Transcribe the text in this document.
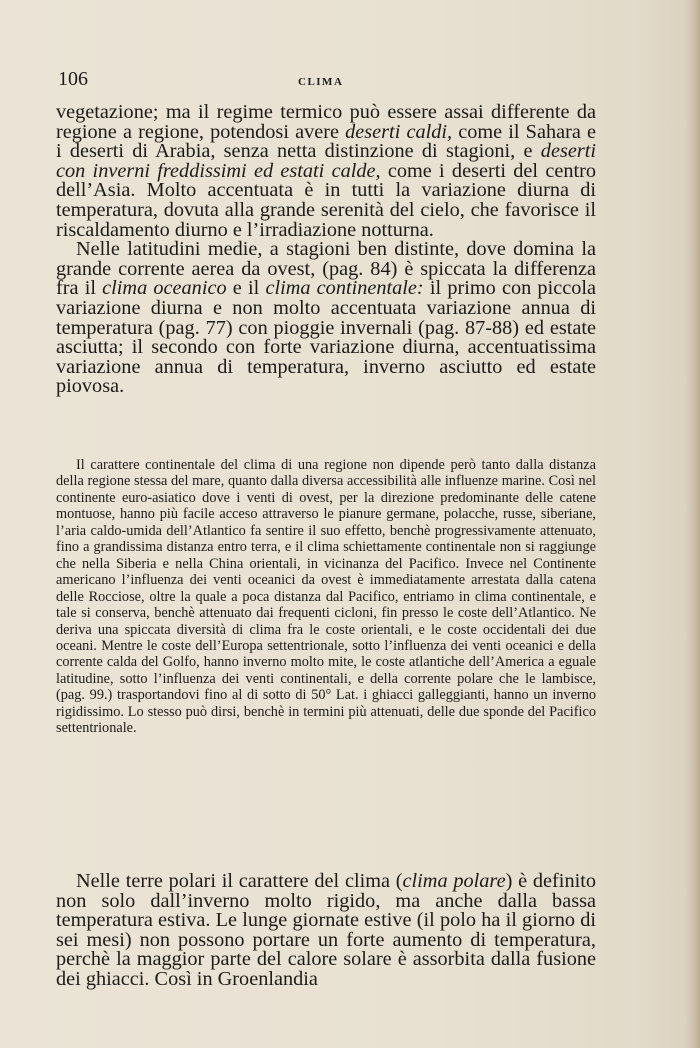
106	CLIMA

vegetazione; ma il regime termico può essere assai differente da regione a regione, potendosi avere deserti caldi, come il Sahara e i deserti di Arabia, senza netta distinzione di stagioni, e deserti con inverni freddissimi ed estati calde, come i deserti del centro dell’Asia. Molto accentuata è in tutti la variazione diurna di temperatura, dovuta alla grande serenità del cielo, che favorisce il riscaldamento diurno e l’irradiazione notturna.

Nelle latitudini medie, a stagioni ben distinte, dove domina la grande corrente aerea da ovest, (pag. 84) è spiccata la differenza fra il clima oceanico e il clima continentale: il primo con piccola variazione diurna e non molto accentuata variazione annua di temperatura (pag. 77) con pioggie invernali (pag. 87-88) ed estate asciutta; il secondo con forte variazione diurna, accentuatissima variazione annua di temperatura, inverno asciutto ed estate piovosa.

Il carattere continentale del clima di una regione non dipende però tanto dalla distanza della regione stessa del mare, quanto dalla diversa accessibilità alle influenze marine. Così nel continente euro-asiatico dove i venti di ovest, per la direzione predominante delle catene montuose, hanno più facile acceso attraverso le pianure germane, polacche, russe, siberiane, l’aria caldo-umida dell’Atlantico fa sentire il suo effetto, benchè progressivamente attenuato, fino a grandissima distanza entro terra, e il clima schiettamente continentale non si raggiunge che nella Siberia e nella China orientali, in vicinanza del Pacifico. Invece nel Continente americano l’influenza dei venti oceanici da ovest è immediatamente arrestata dalla catena delle Rocciose, oltre la quale a poca distanza dal Pacifico, entriamo in clima continentale, e tale si conserva, benchè attenuato dai frequenti cicloni, fin presso le coste dell’Atlantico. Ne deriva una spiccata diversità di clima fra le coste orientali, e le coste occidentali dei due oceani. Mentre le coste dell’Europa settentrionale, sotto l’influenza dei venti oceanici e della corrente calda del Golfo, hanno inverno molto mite, le coste atlantiche dell’America a eguale latitudine, sotto l’influenza dei venti continentali, e della corrente polare che le lambisce, (pag. 99.) trasportandovi fino al di sotto di 50° Lat. i ghiacci galleggianti, hanno un inverno rigidissimo. Lo stesso può dirsi, benchè in termini più attenuati, delle due sponde del Pacifico settentrionale.

Nelle terre polari il carattere del clima (clima polare) è definito non solo dall’inverno molto rigido, ma anche dalla bassa temperatura estiva. Le lunge giornate estive (il polo ha il giorno di sei mesi) non possono portare un forte aumento di temperatura, perchè la maggior parte del calore solare è assorbita dalla fusione dei ghiacci. Così in Groenlandia
